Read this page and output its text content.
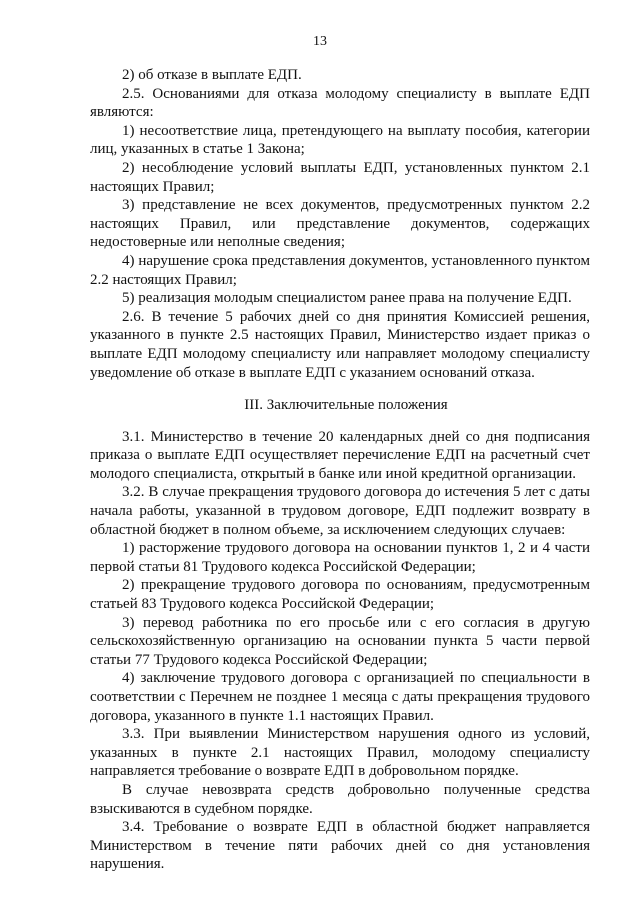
13

2) об отказе в выплате ЕДП.

2.5. Основаниями для отказа молодому специалисту в выплате ЕДП являются:

1) несоответствие лица, претендующего на выплату пособия, категории лиц, указанных в статье 1 Закона;

2) несоблюдение условий выплаты ЕДП, установленных пунктом 2.1 настоящих Правил;

3) представление не всех документов, предусмотренных пунктом 2.2 настоящих Правил, или представление документов, содержащих недостоверные или неполные сведения;

4) нарушение срока представления документов, установленного пунктом 2.2 настоящих Правил;

5) реализация молодым специалистом ранее права на получение ЕДП.

2.6. В течение 5 рабочих дней со дня принятия Комиссией решения, указанного в пункте 2.5 настоящих Правил, Министерство издает приказ о выплате ЕДП молодому специалисту или направляет молодому специалисту уведомление об отказе в выплате ЕДП с указанием оснований отказа.

III. Заключительные положения

3.1. Министерство в течение 20 календарных дней со дня подписания приказа о выплате ЕДП осуществляет перечисление ЕДП на расчетный счет молодого специалиста, открытый в банке или иной кредитной организации.

3.2. В случае прекращения трудового договора до истечения 5 лет с даты начала работы, указанной в трудовом договоре, ЕДП подлежит возврату в областной бюджет в полном объеме, за исключением следующих случаев:

1) расторжение трудового договора на основании пунктов 1, 2 и 4 части первой статьи 81 Трудового кодекса Российской Федерации;

2) прекращение трудового договора по основаниям, предусмотренным статьей 83 Трудового кодекса Российской Федерации;

3) перевод работника по его просьбе или с его согласия в другую сельскохозяйственную организацию на основании пункта 5 части первой статьи 77 Трудового кодекса Российской Федерации;

4) заключение трудового договора с организацией по специальности в соответствии с Перечнем не позднее 1 месяца с даты прекращения трудового договора, указанного в пункте 1.1 настоящих Правил.

3.3. При выявлении Министерством нарушения одного из условий, указанных в пункте 2.1 настоящих Правил, молодому специалисту направляется требование о возврате ЕДП в добровольном порядке.

В случае невозврата средств добровольно полученные средства взыскиваются в судебном порядке.

3.4. Требование о возврате ЕДП в областной бюджет направляется Министерством в течение пяти рабочих дней со дня установления нарушения.
